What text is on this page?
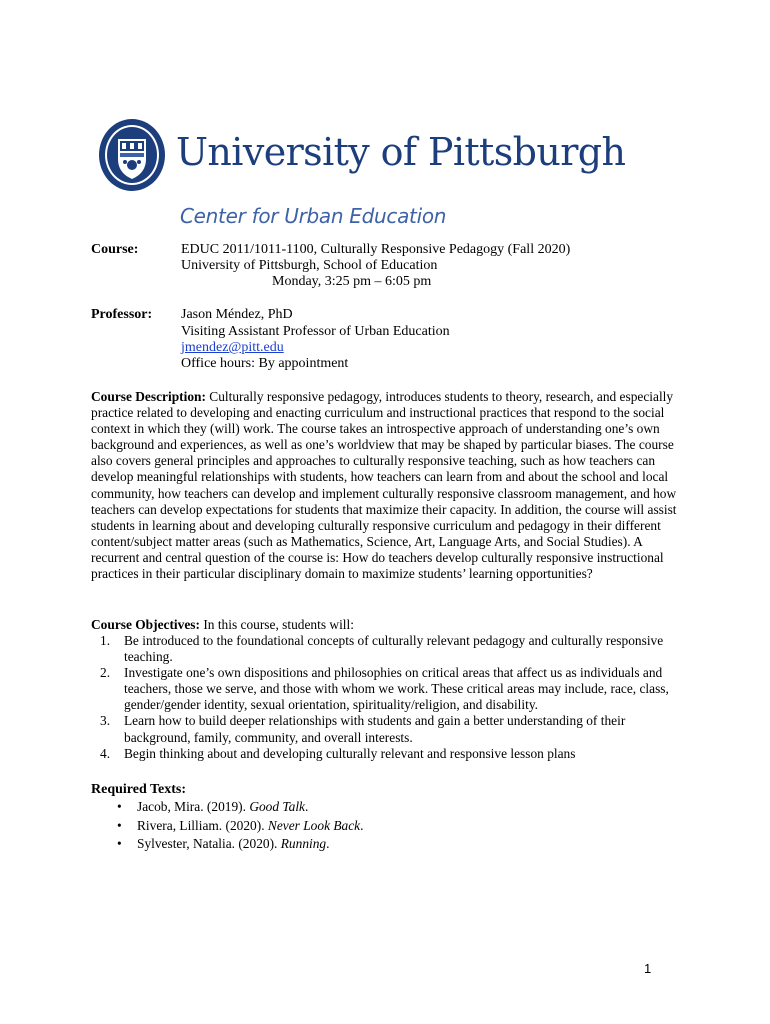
University of Pittsburgh
Center for Urban Education
Course:	EDUC 2011/1011-1100, Culturally Responsive Pedagogy (Fall 2020)
University of Pittsburgh, School of Education
Monday, 3:25 pm – 6:05 pm
Professor: Jason Méndez, PhD
Visiting Assistant Professor of Urban Education
jmendez@pitt.edu
Office hours: By appointment
Course Description: Culturally responsive pedagogy, introduces students to theory, research, and especially practice related to developing and enacting curriculum and instructional practices that respond to the social context in which they (will) work. The course takes an introspective approach of understanding one’s own background and experiences, as well as one’s worldview that may be shaped by particular biases. The course also covers general principles and approaches to culturally responsive teaching, such as how teachers can develop meaningful relationships with students, how teachers can learn from and about the school and local community, how teachers can develop and implement culturally responsive classroom management, and how teachers can develop expectations for students that maximize their capacity. In addition, the course will assist students in learning about and developing culturally responsive curriculum and pedagogy in their different content/subject matter areas (such as Mathematics, Science, Art, Language Arts, and Social Studies). A recurrent and central question of the course is: How do teachers develop culturally responsive instructional practices in their particular disciplinary domain to maximize students’ learning opportunities?
Course Objectives: In this course, students will:
1. Be introduced to the foundational concepts of culturally relevant pedagogy and culturally responsive teaching.
2. Investigate one’s own dispositions and philosophies on critical areas that affect us as individuals and teachers, those we serve, and those with whom we work. These critical areas may include, race, class, gender/gender identity, sexual orientation, spirituality/religion, and disability.
3. Learn how to build deeper relationships with students and gain a better understanding of their background, family, community, and overall interests.
4. Begin thinking about and developing culturally relevant and responsive lesson plans
Required Texts:
• Jacob, Mira. (2019). Good Talk.
• Rivera, Lilliam. (2020). Never Look Back.
• Sylvester, Natalia. (2020). Running.
1
